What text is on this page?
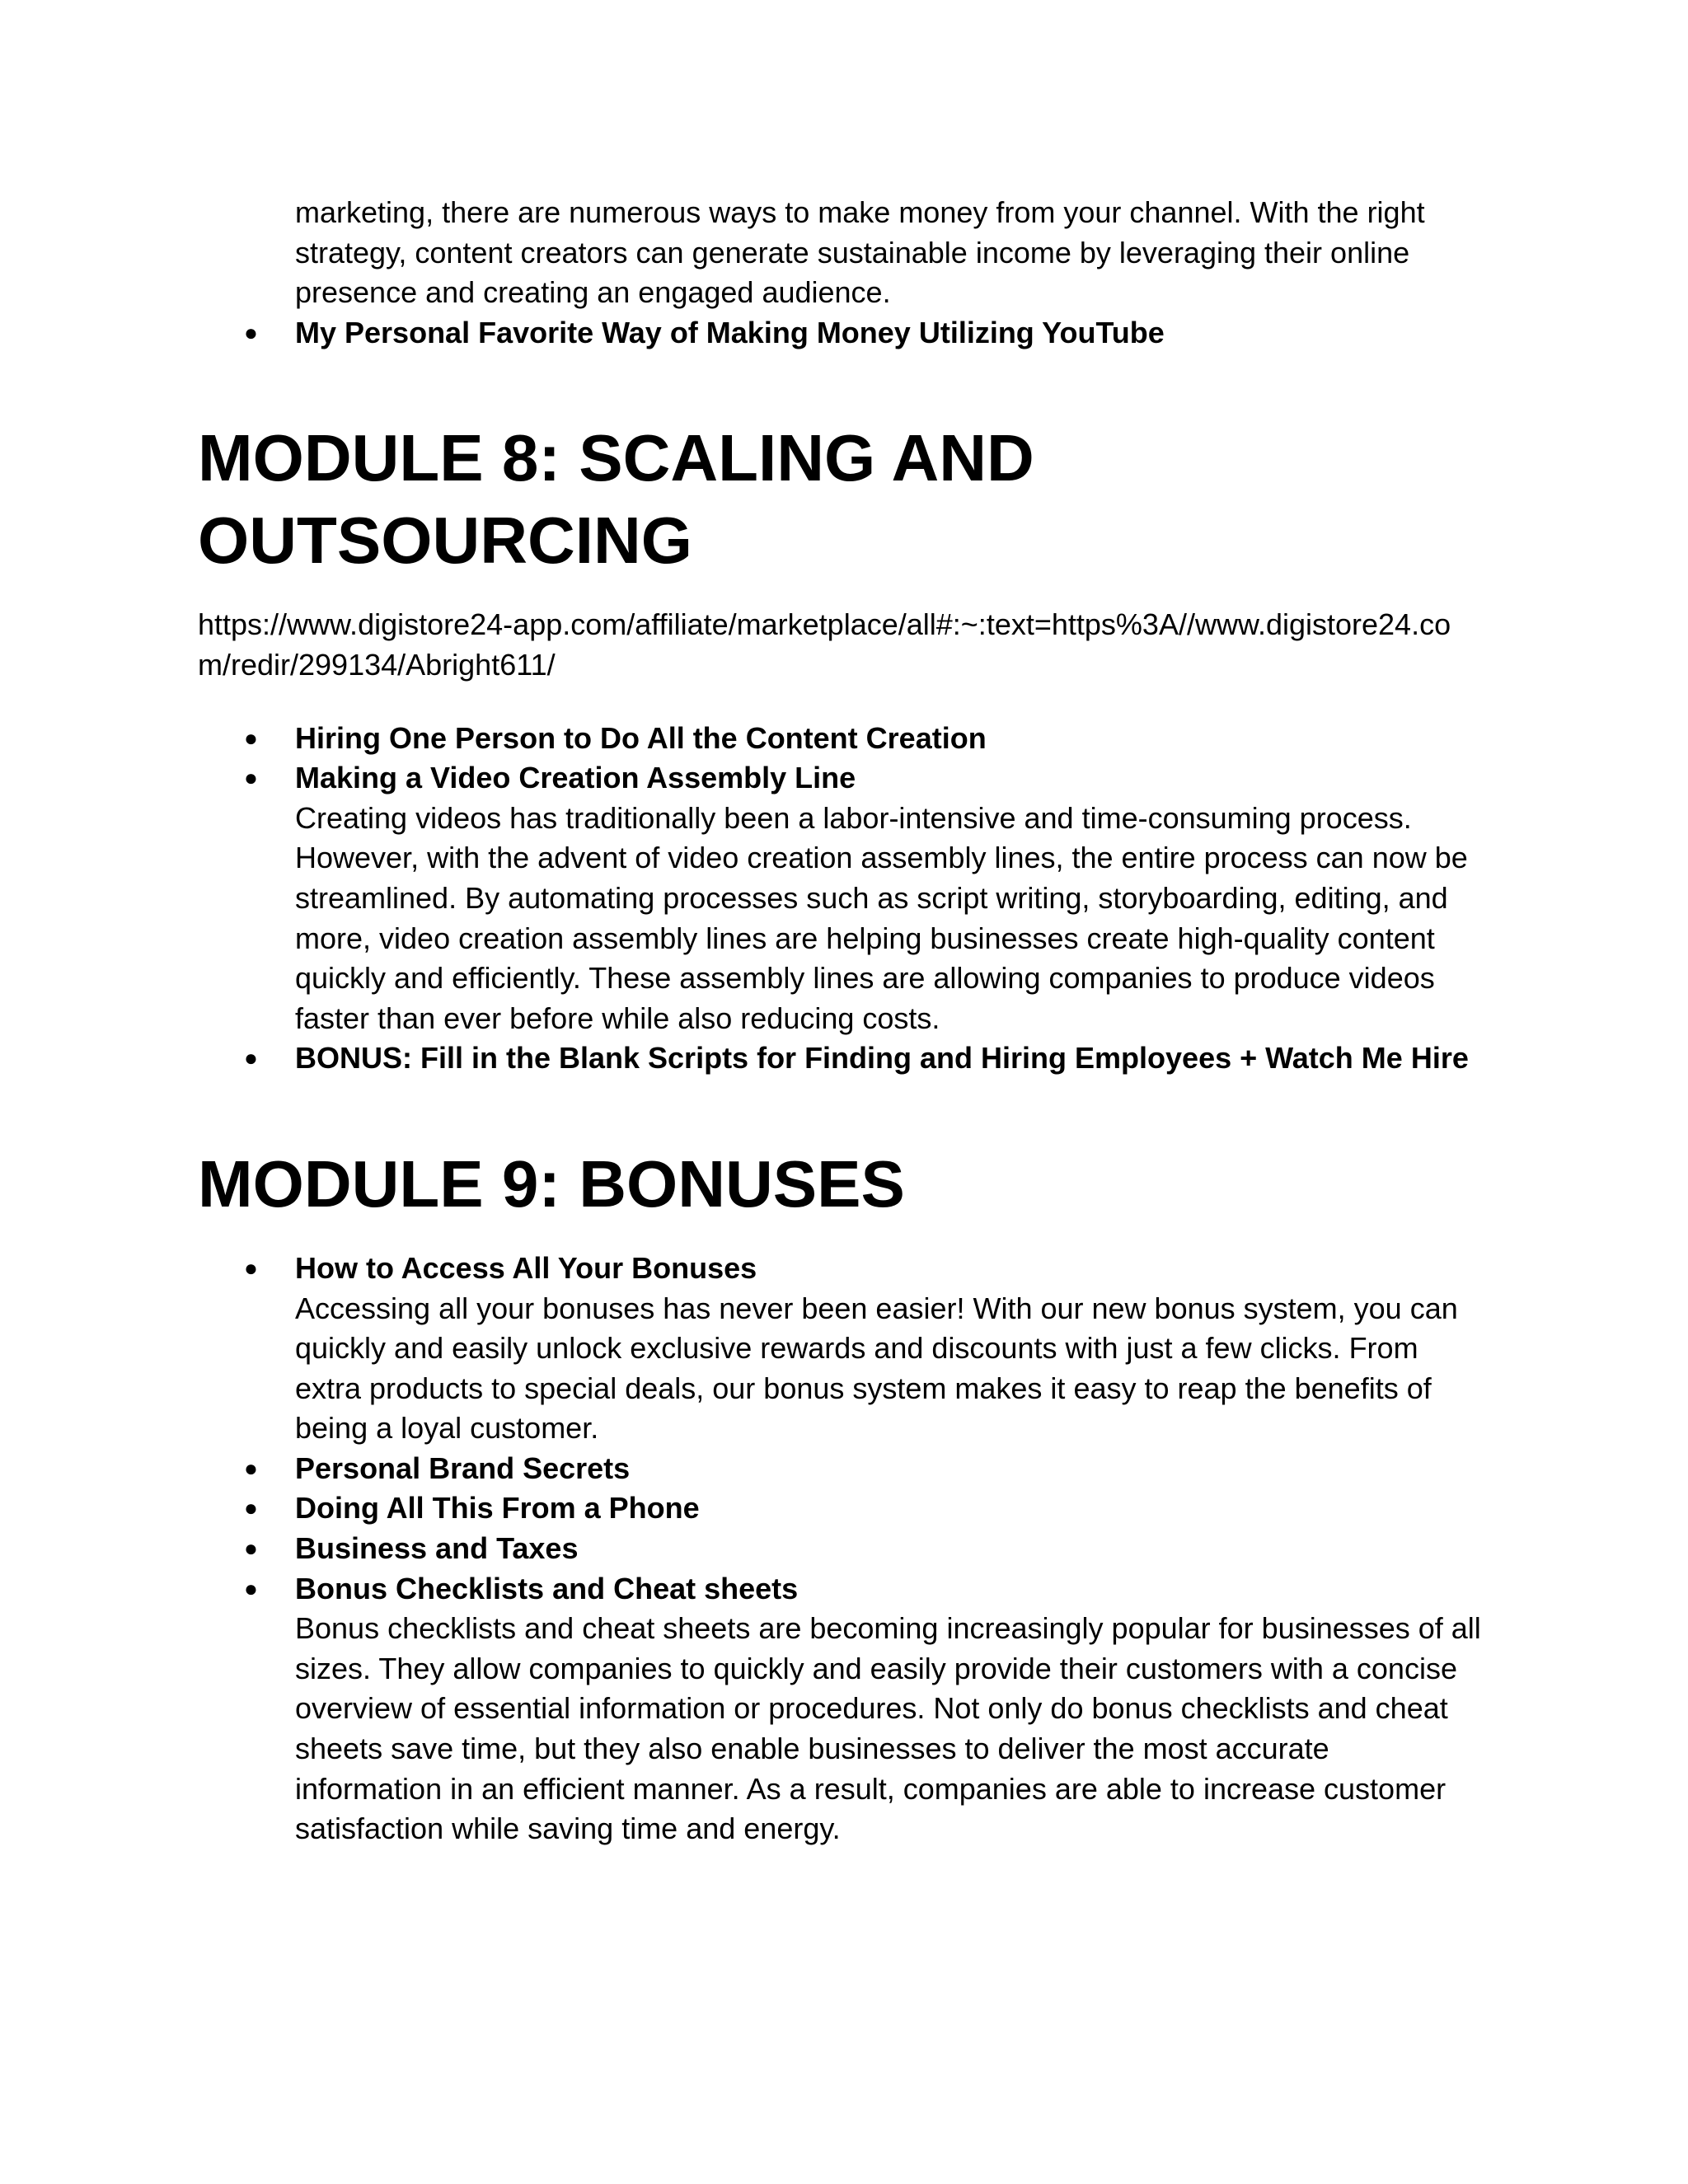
marketing, there are numerous ways to make money from your channel. With the right strategy, content creators can generate sustainable income by leveraging their online presence and creating an engaged audience.
● My Personal Favorite Way of Making Money Utilizing YouTube
MODULE 8: SCALING AND
OUTSOURCING
https://www.digistore24-app.com/affiliate/marketplace/all#:~:text=https%3A//www.digistore24.com/redir/299134/Abright611/
● Hiring One Person to Do All the Content Creation
● Making a Video Creation Assembly Line
Creating videos has traditionally been a labor-intensive and time-consuming process. However, with the advent of video creation assembly lines, the entire process can now be streamlined. By automating processes such as script writing, storyboarding, editing, and more, video creation assembly lines are helping businesses create high-quality content quickly and efficiently. These assembly lines are allowing companies to produce videos faster than ever before while also reducing costs.
● BONUS: Fill in the Blank Scripts for Finding and Hiring Employees + Watch Me Hire
MODULE 9: BONUSES
● How to Access All Your Bonuses
Accessing all your bonuses has never been easier! With our new bonus system, you can quickly and easily unlock exclusive rewards and discounts with just a few clicks. From extra products to special deals, our bonus system makes it easy to reap the benefits of being a loyal customer.
● Personal Brand Secrets
● Doing All This From a Phone
● Business and Taxes
● Bonus Checklists and Cheat sheets
Bonus checklists and cheat sheets are becoming increasingly popular for businesses of all sizes. They allow companies to quickly and easily provide their customers with a concise overview of essential information or procedures. Not only do bonus checklists and cheat sheets save time, but they also enable businesses to deliver the most accurate information in an efficient manner. As a result, companies are able to increase customer satisfaction while saving time and energy.
